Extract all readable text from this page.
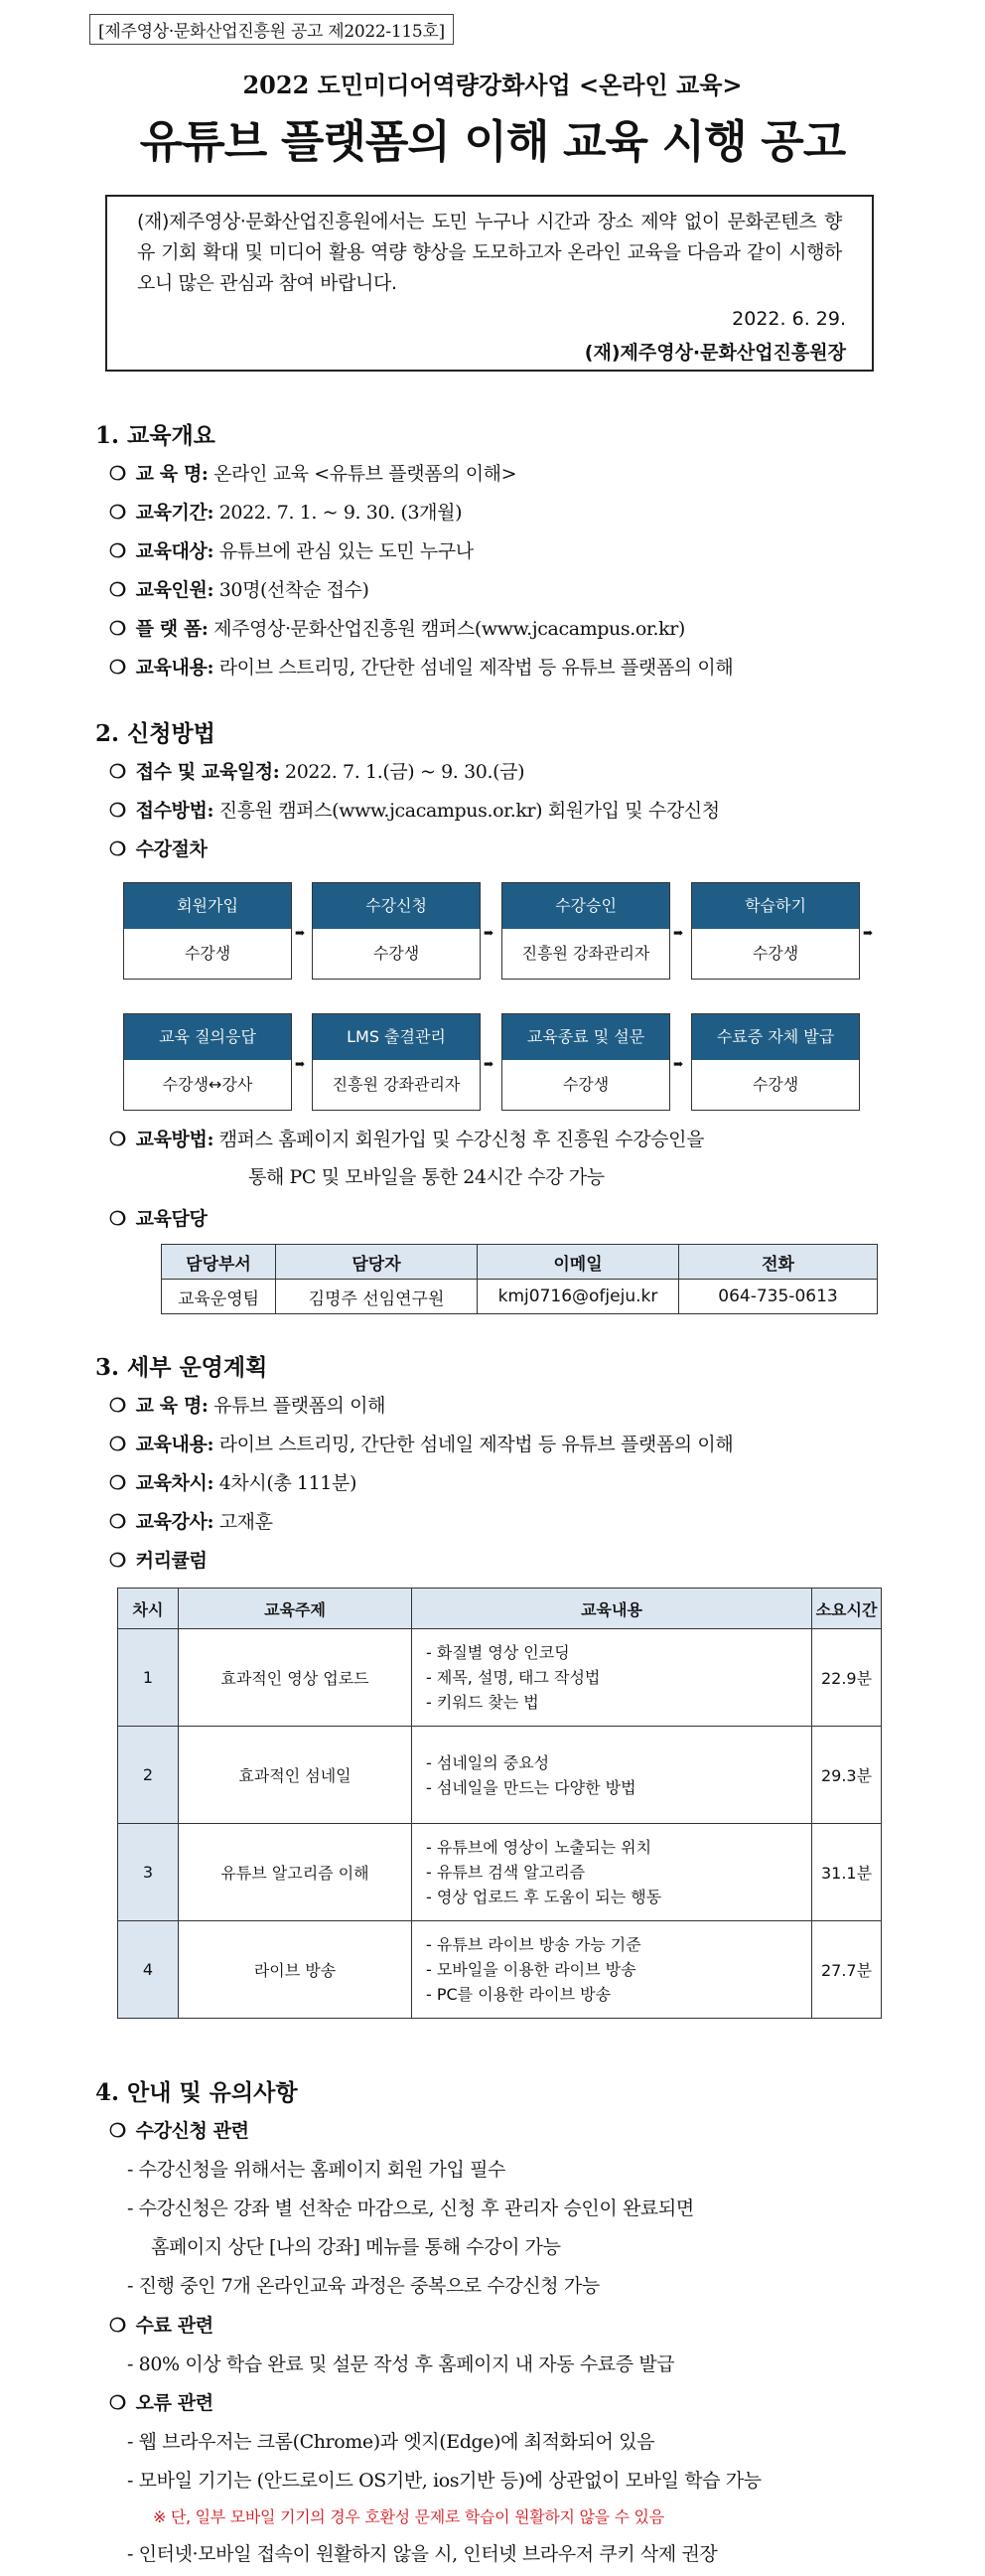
[제주영상·문화산업진흥원 공고 제2022-115호]
2022 도민미디어역량강화사업 <온라인 교육>
유튜브 플랫폼의 이해 교육 시행 공고
(재)제주영상·문화산업진흥원에서는 도민 누구나 시간과 장소 제약 없이 문화콘텐츠 향유 기회 확대 및 미디어 활용 역량 향상을 도모하고자 온라인 교육을 다음과 같이 시행하오니 많은 관심과 참여 바랍니다.
2022. 6. 29.
(재)제주영상·문화산업진흥원장
1. 교육개요
❍ 교 육 명: 온라인 교육 <유튜브 플랫폼의 이해>
❍ 교육기간: 2022. 7. 1. ~ 9. 30. (3개월)
❍ 교육대상: 유튜브에 관심 있는 도민 누구나
❍ 교육인원: 30명(선착순 접수)
❍ 플 랫 폼: 제주영상·문화산업진흥원 캠퍼스(www.jcacampus.or.kr)
❍ 교육내용: 라이브 스트리밍, 간단한 섬네일 제작법 등 유튜브 플랫폼의 이해
2. 신청방법
❍ 접수 및 교육일정: 2022. 7. 1.(금) ~ 9. 30.(금)
❍ 접수방법: 진흥원 캠퍼스(www.jcacampus.or.kr) 회원가입 및 수강신청
❍ 수강절차
회원가입
수강생
➡
수강신청
수강생
➡
수강승인
진흥원 강좌관리자
➡
학습하기
수강생
➡
교육 질의응답
수강생↔강사
➡
LMS 출결관리
진흥원 강좌관리자
➡
교육종료 및 설문
수강생
➡
수료증 자체 발급
수강생
❍ 교육방법: 캠퍼스 홈페이지 회원가입 및 수강신청 후 진흥원 수강승인을
통해 PC 및 모바일을 통한 24시간 수강 가능
❍ 교육담당
담당부서	담당자	이메일	전화
교육운영팀	김명주 선임연구원	kmj0716@ofjeju.kr	064-735-0613
3. 세부 운영계획
❍ 교 육 명: 유튜브 플랫폼의 이해
❍ 교육내용: 라이브 스트리밍, 간단한 섬네일 제작법 등 유튜브 플랫폼의 이해
❍ 교육차시: 4차시(총 111분)
❍ 교육강사: 고재훈
❍ 커리큘럼
차시	교육주제	교육내용	소요시간
1	효과적인 영상 업로드	- 화질별 영상 인코딩
- 제목, 설명, 태그 작성법
- 키워드 찾는 법	22.9분
2	효과적인 섬네일	- 섬네일의 중요성
- 섬네일을 만드는 다양한 방법	29.3분
3	유튜브 알고리즘 이해	- 유튜브에 영상이 노출되는 위치
- 유튜브 검색 알고리즘
- 영상 업로드 후 도움이 되는 행동	31.1분
4	라이브 방송	- 유튜브 라이브 방송 가능 기준
- 모바일을 이용한 라이브 방송
- PC를 이용한 라이브 방송	27.7분
4. 안내 및 유의사항
❍ 수강신청 관련
- 수강신청을 위해서는 홈페이지 회원 가입 필수
- 수강신청은 강좌 별 선착순 마감으로, 신청 후 관리자 승인이 완료되면
홈페이지 상단 [나의 강좌] 메뉴를 통해 수강이 가능
- 진행 중인 7개 온라인교육 과정은 중복으로 수강신청 가능
❍ 수료 관련
- 80% 이상 학습 완료 및 설문 작성 후 홈페이지 내 자동 수료증 발급
❍ 오류 관련
- 웹 브라우저는 크롬(Chrome)과 엣지(Edge)에 최적화되어 있음
- 모바일 기기는 (안드로이드 OS기반, ios기반 등)에 상관없이 모바일 학습 가능
※ 단, 일부 모바일 기기의 경우 호환성 문제로 학습이 원활하지 않을 수 있음
- 인터넷·모바일 접속이 원활하지 않을 시, 인터넷 브라우저 쿠키 삭제 권장
